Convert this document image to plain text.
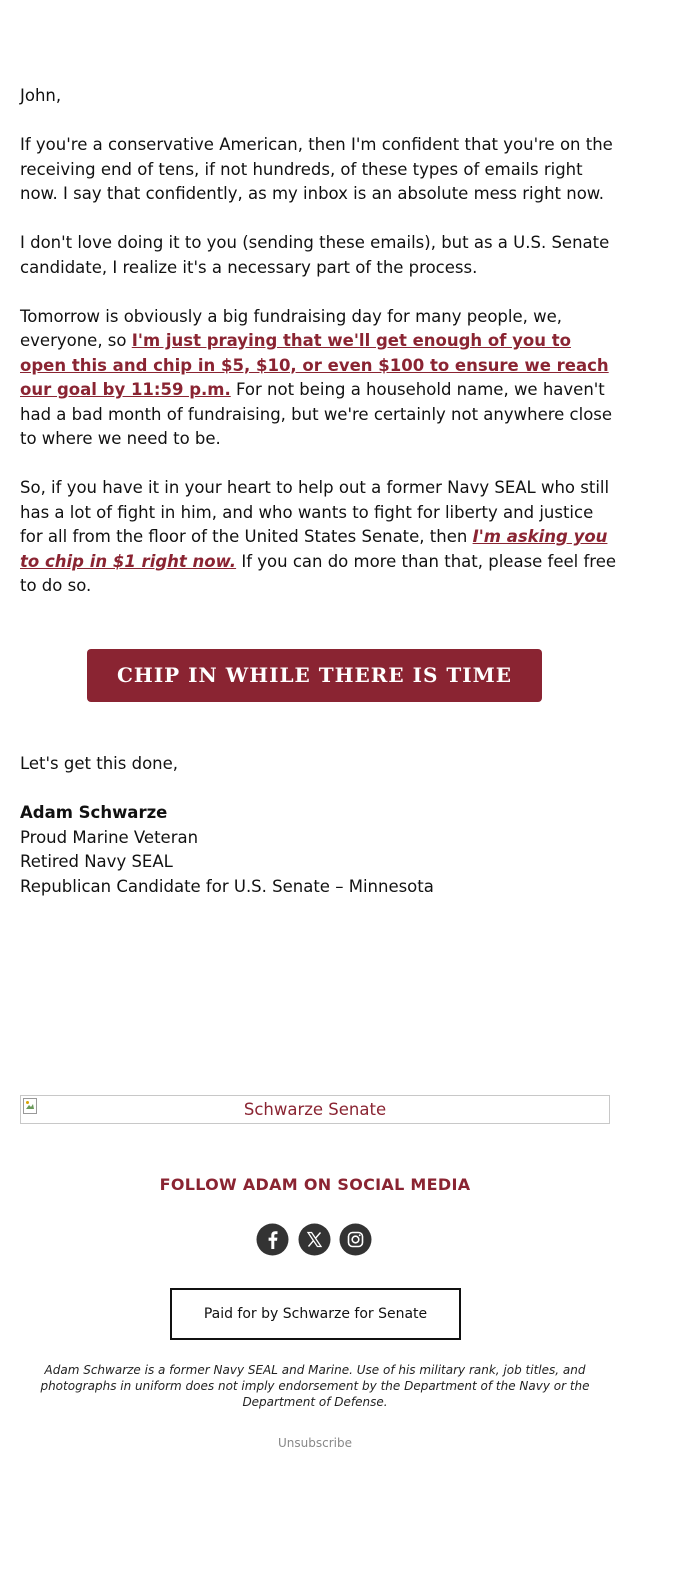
John,

If you're a conservative American, then I'm confident that you're on the receiving end of tens, if not hundreds, of these types of emails right now. I say that confidently, as my inbox is an absolute mess right now.

I don't love doing it to you (sending these emails), but as a U.S. Senate candidate, I realize it's a necessary part of the process.

Tomorrow is obviously a big fundraising day for many people, we, everyone, so I'm just praying that we'll get enough of you to open this and chip in $5, $10, or even $100 to ensure we reach our goal by 11:59 p.m. For not being a household name, we haven't had a bad month of fundraising, but we're certainly not anywhere close to where we need to be.

So, if you have it in your heart to help out a former Navy SEAL who still has a lot of fight in him, and who wants to fight for liberty and justice for all from the floor of the United States Senate, then I'm asking you to chip in $1 right now. If you can do more than that, please feel free to do so.

CHIP IN WHILE THERE IS TIME LEFT
Let's get this done,
Adam Schwarze
Proud Marine Veteran
Retired Navy SEAL
Republican Candidate for U.S. Senate – Minnesota
Schwarze Senate
FOLLOW ADAM ON SOCIAL MEDIA
Paid for by Schwarze for Senate
Adam Schwarze is a former Navy SEAL and Marine. Use of his military rank, job titles, and photographs in uniform does not imply endorsement by the Department of the Navy or the Department of Defense.
Unsubscribe
